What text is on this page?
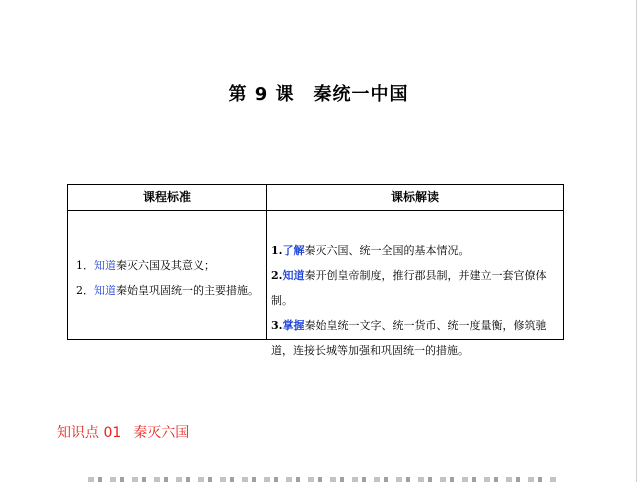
第 9 课　秦统一中国
课程标准	课标解读
1．知道秦灭六国及其意义；
2．知道秦始皇巩固统一的主要措施。
1.了解秦灭六国、统一全国的基本情况。
2.知道秦开创皇帝制度，推行郡县制，并建立一套官僚体制。
3.掌握秦始皇统一文字、统一货币、统一度量衡，修筑驰道，连接长城等加强和巩固统一的措施。
知识点 01 秦灭六国
